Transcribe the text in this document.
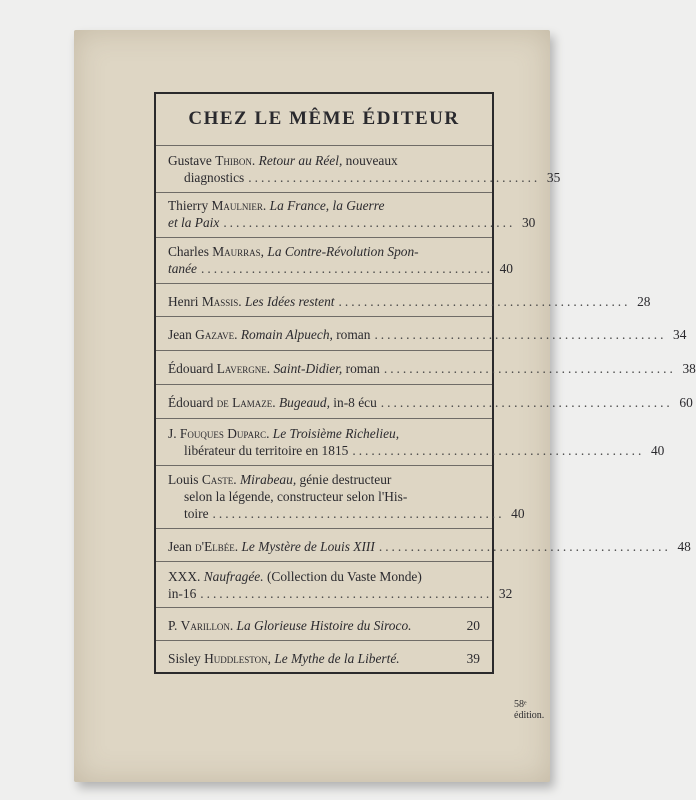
CHEZ LE MÊME ÉDITEUR
Gustave Thibon. Retour au Réel, nouveaux
diagnostics .............................................. 35
Thierry Maulnier. La France, la Guerre
et la Paix .............................................. 30
Charles Maurras, La Contre-Révolution Spon-
tanée .............................................. 40
Henri Massis. Les Idées restent .............................................. 28
Jean Gazave. Romain Alpuech, roman .............................................. 34
Édouard Lavergne. Saint-Didier, roman .............................................. 38
Édouard de Lamaze. Bugeaud, in-8 écu .............................................. 60
J. Fouques Duparc. Le Troisième Richelieu,
libérateur du territoire en 1815 .............................................. 40
Louis Caste. Mirabeau, génie destructeur
selon la légende, constructeur selon l'His-
toire .............................................. 40
Jean d'Elbée. Le Mystère de Louis XIII .............................................. 48
XXX. Naufragée. (Collection du Vaste Monde)
in-16 .............................................. 32
P. Varillon. La Glorieuse Histoire du Siroco.	20
Sisley Huddleston, Le Mythe de la Liberté.	39
58ᵉ édition.
